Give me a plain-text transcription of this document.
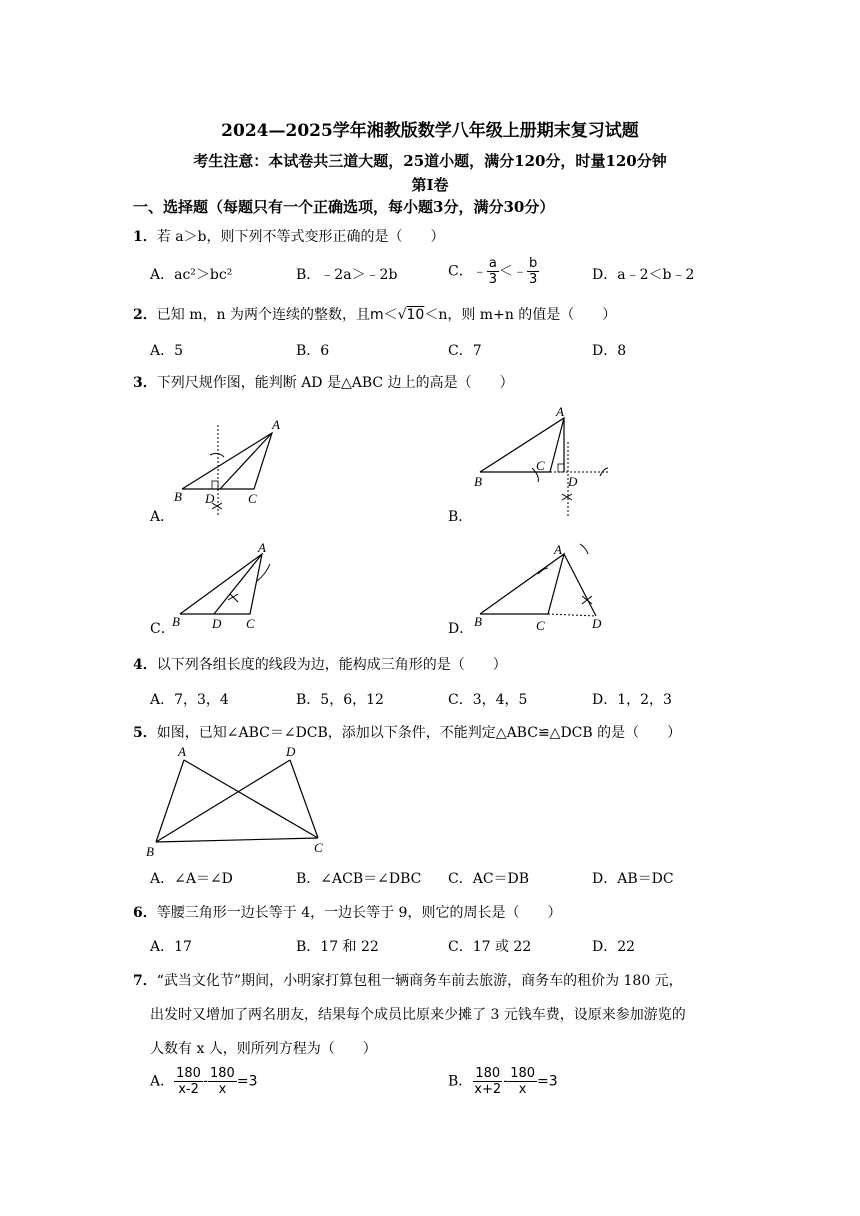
2024—2025学年湘教版数学八年级上册期末复习试题
考生注意：本试卷共三道大题，25道小题，满分120分，时量120分钟
第Ⅰ卷
一、选择题（每题只有一个正确选项，每小题3分，满分30分）
1．若 a＞b，则下列不等式变形正确的是（　　）
A．ac²＞bc²	B．﹣2a＞﹣2b	C．﹣ $\frac{a}{3}$ ＜﹣ $\frac{b}{3}$	D．a﹣2＜b﹣2
2．已知 m，n 为两个连续的整数，且m＜√10＜n，则 m+n 的值是（　　）
A．5	B．6	C．7	D．8
3．下列尺规作图，能判断 AD 是△ABC 边上的高是（　　）
A．
A
B D	C
B．
A
B
C
D
C．
A
B D C	D．
A
B	C	D
4．以下列各组长度的线段为边，能构成三角形的是（　　）
A．7，3，4	B．5，6，12	C．3，4，5	D．1，2，3
5．如图，已知∠ABC＝∠DCB，添加以下条件，不能判定△ABC≌△DCB 的是（　　）
A	D
B	C
A．∠A＝∠D	B．∠ACB＝∠DBC C．AC＝DB	D．AB＝DC
6．等腰三角形一边长等于 4，一边长等于 9，则它的周长是（　　）
A．17	B．17 和 22	C．17 或 22	D．22
7．“武当文化节”期间，小明家打算包租一辆商务车前去旅游，商务车的租价为 180 元，
出发时又增加了两名朋友，结果每个成员比原来少摊了 3 元钱车费，设原来参加游览的
人数有 x 人，则所列方程为（　　）
A． $\frac{180}{x-2} - \frac{180}{x} =3$	B． $\frac{180}{x+2} - \frac{180}{x} =3$
